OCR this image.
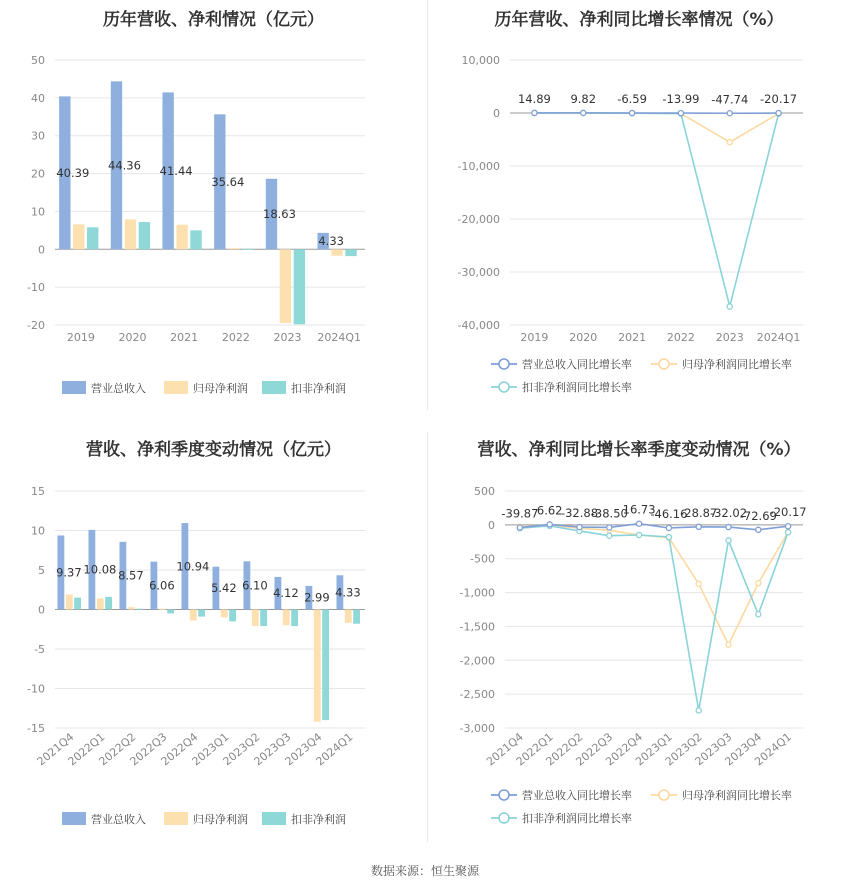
历年营收、净利情况（亿元）
50
40
30
20
10
0
-10
-20
2019 2020 2021 2022 2023 2024Q1
40.39
44.36 41.44
35.64
18.63
4.33
营业总收入	归母净利润	扣非净利润
历年营收、净利同比增长率情况（%）
10,000
0
-10,000
-20,000
-30,000
-40,000
2019 2020 2021 2022 2023 2024Q1
14.89 9.82 -6.59 -13.99 -47.74 -20.17
营业总收入同比增长率	归母净利润同比增长率
扣非净利润同比增长率
营收、净利季度变动情况（亿元）
15
10
5
0
-5
-10
-15
2021Q4
2022Q1
2022Q2
2022Q3
2022Q4
2023Q1
2023Q2
2023Q3
2023Q4
2024Q1
9.37 10.08 8.57
6.06
10.94
5.42 6.10
4.12 2.99 4.33
营业总收入	归母净利润	扣非净利润
营收、净利同比增长率季度变动情况（%）
500
0
-500
-1,000
-1,500
-2,000
-2,500
-3,000
2021Q4
2022Q1
2022Q2
2022Q3
2022Q4
2023Q1
2023Q2
2023Q3
2023Q4
2024Q1
-39.87
6.62
-32.88
-38.50
16.73
-46.16
-28.87
-32.02
-72.69
-20.17
营业总收入同比增长率	归母净利润同比增长率
扣非净利润同比增长率
数据来源：恒生聚源
